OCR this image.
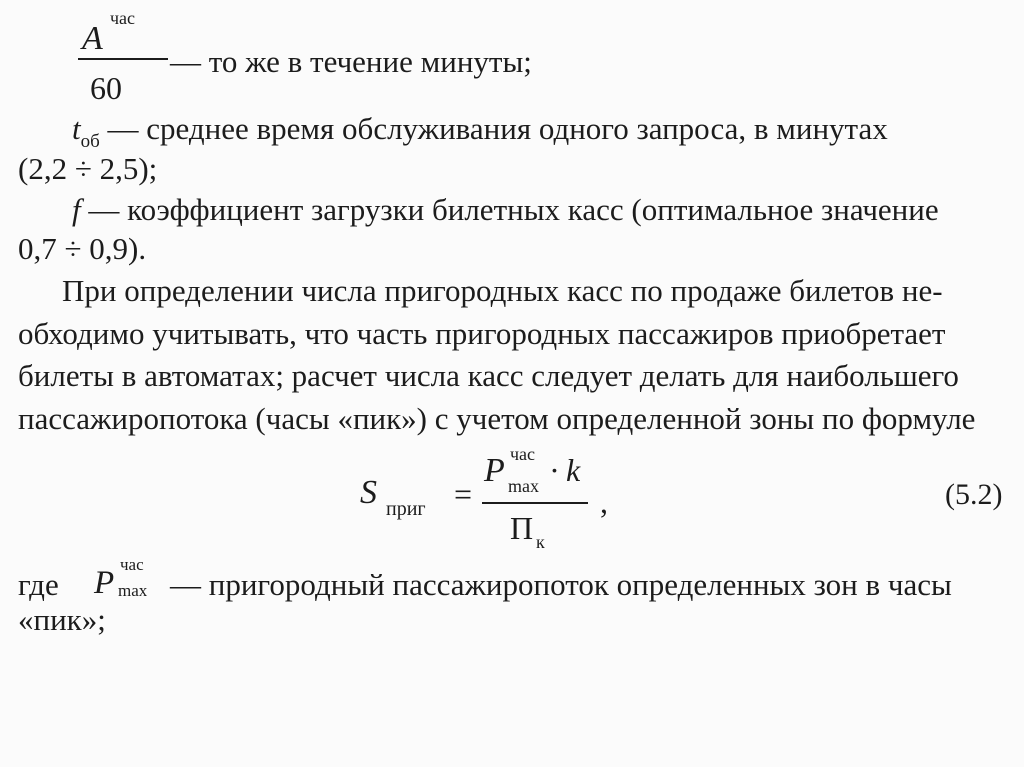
A
час
60
— то же в течение минуты;
$t_{об}$ — среднее время обслуживания одного запроса, в минутах
(2,2 ÷ 2,5);
f — коэффициент загрузки билетных касс (оптимальное значение
0,7 ÷ 0,9).
При определении числа пригородных касс по продаже билетов не-
обходимо учитывать, что часть пригородных пассажиров приобретает
билеты в автоматах; расчет числа касс следует делать для наибольшего
пассажиропотока (часы «пик») с учетом определенной зоны по формуле
S приг =
P час
max · k
П к
,	(5.2)
где P
час
max — пригородный пассажиропоток определенных зон в часы
«пик»;
